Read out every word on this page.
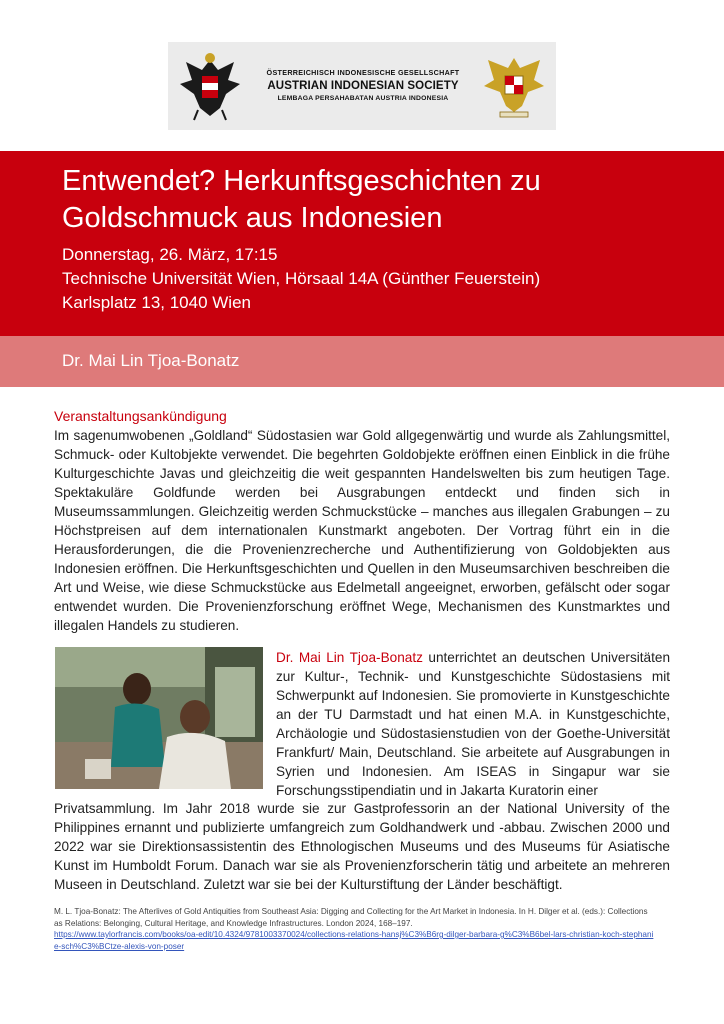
ÖSTERREICHISCH INDONESISCHE GESELLSCHAFT
AUSTRIAN INDONESIAN SOCIETY
LEMBAGA PERSAHABATAN AUSTRIA INDONESIA
Entwendet? Herkunftsgeschichten zu Goldschmuck aus Indonesien
Donnerstag, 26. März, 17:15
Technische Universität Wien, Hörsaal 14A (Günther Feuerstein)
Karlsplatz 13, 1040 Wien
Dr. Mai Lin Tjoa-Bonatz
Veranstaltungsankündigung
Im sagenumwobenen „Goldland“ Südostasien war Gold allgegenwärtig und wurde als Zahlungsmittel, Schmuck- oder Kultobjekte verwendet. Die begehrten Goldobjekte eröffnen einen Einblick in die frühe Kulturgeschichte Javas und gleichzeitig die weit gespannten Handelswelten bis zum heutigen Tage. Spektakuläre Goldfunde werden bei Ausgrabungen entdeckt und finden sich in Museumssammlungen. Gleichzeitig werden Schmuckstücke – manches aus illegalen Grabungen – zu Höchstpreisen auf dem internationalen Kunstmarkt angeboten. Der Vortrag führt ein in die Herausforderungen, die die Provenienzrecherche und Authentifizierung von Goldobjekten aus Indonesien eröffnen. Die Herkunftsgeschichten und Quellen in den Museumsarchiven beschreiben die Art und Weise, wie diese Schmuckstücke aus Edelmetall angeeignet, erworben, gefälscht oder sogar entwendet wurden. Die Provenienzforschung eröffnet Wege, Mechanismen des Kunstmarktes und illegalen Handels zu studieren.
Dr. Mai Lin Tjoa-Bonatz unterrichtet an deutschen Universitäten zur Kultur-, Technik- und Kunstgeschichte Südostasiens mit Schwerpunkt auf Indonesien. Sie promovierte in Kunstgeschichte an der TU Darmstadt und hat einen M.A. in Kunstgeschichte, Archäologie und Südostasienstudien von der Goethe-Universität Frankfurt/ Main, Deutschland. Sie arbeitete auf Ausgrabungen in Syrien und Indonesien. Am ISEAS in Singapur war sie Forschungsstipendiatin und in Jakarta Kuratorin einer
Privatsammlung. Im Jahr 2018 wurde sie zur Gastprofessorin an der National University of the Philippines ernannt und publizierte umfangreich zum Goldhandwerk und -abbau. Zwischen 2000 und 2022 war sie Direktionsassistentin des Ethnologischen Museums und des Museums für Asiatische Kunst im Humboldt Forum. Danach war sie als Provenienzforscherin tätig und arbeitete an mehreren Museen in Deutschland. Zuletzt war sie bei der Kulturstiftung der Länder beschäftigt.
M. L. Tjoa-Bonatz: The Afterlives of Gold Antiquities from Southeast Asia: Digging and Collecting for the Art Market in Indonesia. In H. Dilger et al. (eds.): Collections as Relations: Belonging, Cultural Heritage, and Knowledge Infrastructures. London 2024, 168–197.
https://www.taylorfrancis.com/books/oa-edit/10.4324/9781003370024/collections-relations-hansj%C3%B6rg-dilger-barbara-g%C3%B6bel-lars-christian-koch-stephanie-sch%C3%BCtze-alexis-von-poser
